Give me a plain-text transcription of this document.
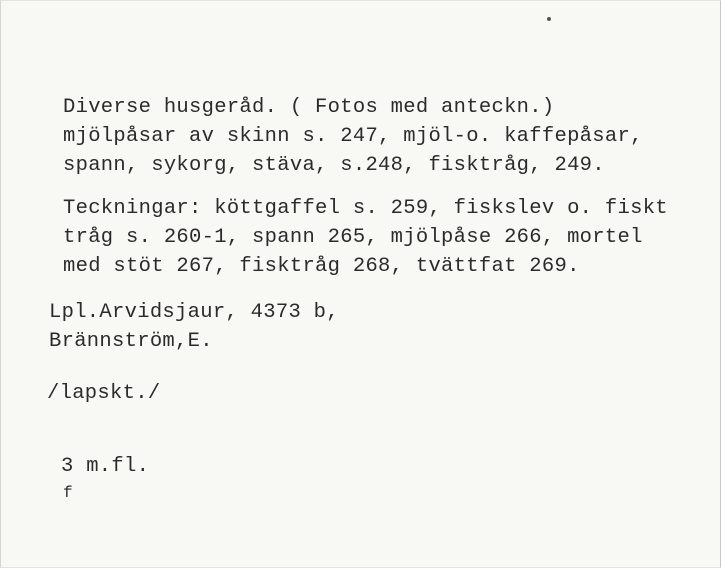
Diverse husgeråd. ( Fotos med anteckn.)
mjölpåsar av skinn s. 247, mjöl-o. kaffepåsar,
spann, sykorg, stäva, s.248, fisktråg, 249.
Teckningar: köttgaffel s. 259, fiskslev o. fiskt
tråg s. 260-1, spann 265, mjölpåse 266, mortel
med stöt 267, fisktråg 268, tvättfat 269.
Lpl.Arvidsjaur, 4373 b,
Brännström,E.
/lapskt./
3 m.fl.
f
